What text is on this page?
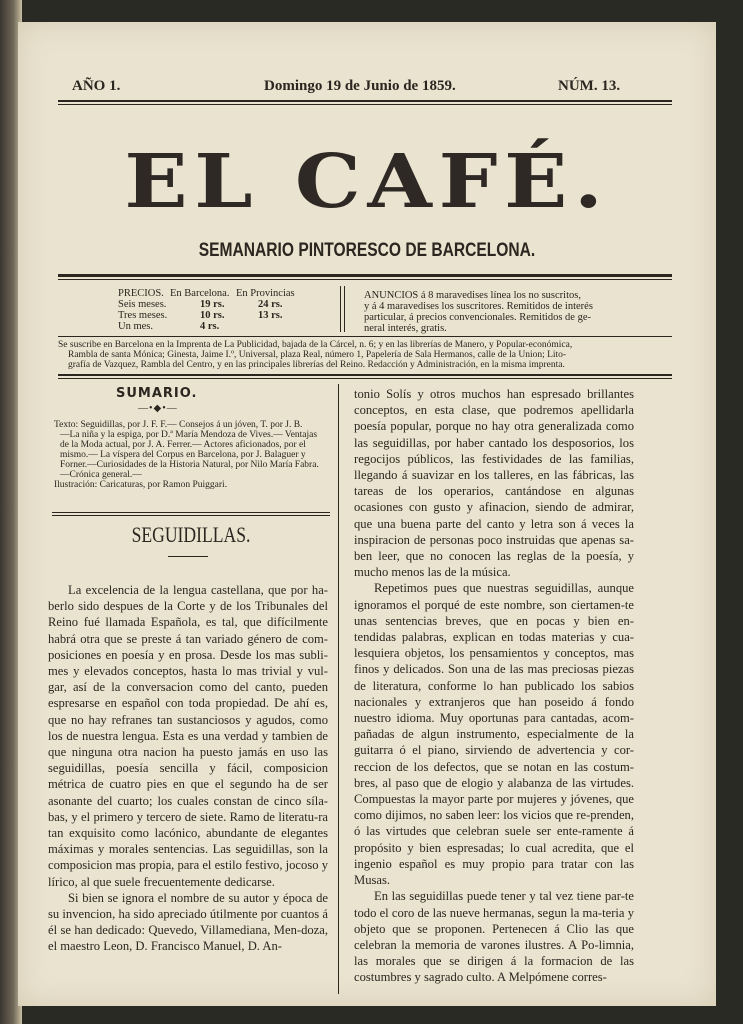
AÑO 1.	Domingo 19 de Junio de 1859.	NÚM. 13.
EL CAFÉ.
SEMANARIO PINTORESCO DE BARCELONA.
PRECIOS. En Barcelona. En Provincias
Seis meses.	19 rs.	24 rs.
Tres meses.	10 rs.	13 rs.
Un mes.	4 rs.
ANUNCIOS á 8 maravedises línea los no suscritos,
y á 4 maravedises los suscritores. Remitidos de interés
particular, á precios convencionales. Remitidos de ge-
neral interés, gratis.
Se suscribe en Barcelona en la Imprenta de La Publicidad, bajada de la Cárcel, n. 6; y en las librerías de Manero, y Popular-económica,
Rambla de santa Mónica; Ginesta, Jaime I.º, Universal, plaza Real, número 1, Papelería de Sala Hermanos, calle de la Union; Lito-
grafía de Vazquez, Rambla del Centro, y en las principales librerías del Reino. Redacción y Administración, en la misma imprenta.
SUMARIO.
—•◆•—
Texto: Seguidillas, por J. F. F.— Consejos á un jóven, T. por J. B.
—La niña y la espiga, por D.ª María Mendoza de Vives.— Ventajas
de la Moda actual, por J. A. Ferrer.— Actores aficionados, por el
mismo.— La víspera del Corpus en Barcelona, por J. Balaguer y
Forner.—Curiosidades de la Historia Natural, por Nilo María Fabra.
—Crónica general.—
Ilustración: Caricaturas, por Ramon Puiggari.
SEGUIDILLAS.

La excelencia de la lengua castellana, que por ha-berlo sido despues de la Corte y de los Tribunales del Reino fué llamada Española, es tal, que difícilmente habrá otra que se preste á tan variado género de com-posiciones en poesía y en prosa. Desde los mas subli-mes y elevados conceptos, hasta lo mas trivial y vul-gar, así de la conversacion como del canto, pueden espresarse en español con toda propiedad. De ahí es, que no hay refranes tan sustanciosos y agudos, como los de nuestra lengua. Esta es una verdad y tambien de que ninguna otra nacion ha puesto jamás en uso las seguidillas, poesía sencilla y fácil, composicion métrica de cuatro pies en que el segundo ha de ser asonante del cuarto; los cuales constan de cinco síla-bas, y el primero y tercero de siete. Ramo de literatu-ra tan exquisito como lacónico, abundante de elegantes máximas y morales sentencias. Las seguidillas, son la composicion mas propia, para el estilo festivo, jocoso y lírico, al que suele frecuentemente dedicarse.

Si bien se ignora el nombre de su autor y época de su invencion, ha sido apreciado útilmente por cuantos á él se han dedicado: Quevedo, Villamediana, Men-doza, el maestro Leon, D. Francisco Manuel, D. An-

tonio Solís y otros muchos han espresado brillantes conceptos, en esta clase, que podremos apellidarla poesía popular, porque no hay otra generalizada como las seguidillas, por haber cantado los desposorios, los regocijos públicos, las festividades de las familias, llegando á suavizar en los talleres, en las fábricas, las tareas de los operarios, cantándose en algunas ocasiones con gusto y afinacion, siendo de admirar, que una buena parte del canto y letra son á veces la inspiracion de personas poco instruidas que apenas sa-ben leer, que no conocen las reglas de la poesía, y mucho menos las de la música.

Repetimos pues que nuestras seguidillas, aunque ignoramos el porqué de este nombre, son ciertamen-te unas sentencias breves, que en pocas y bien en-tendidas palabras, explican en todas materias y cua-lesquiera objetos, los pensamientos y conceptos, mas finos y delicados. Son una de las mas preciosas piezas de literatura, conforme lo han publicado los sabios nacionales y extranjeros que han poseido á fondo nuestro idioma. Muy oportunas para cantadas, acom-pañadas de algun instrumento, especialmente de la guitarra ó el piano, sirviendo de advertencia y cor-reccion de los defectos, que se notan en las costum-bres, al paso que de elogio y alabanza de las virtudes. Compuestas la mayor parte por mujeres y jóvenes, que como dijimos, no saben leer: los vicios que re-prenden, ó las virtudes que celebran suele ser ente-ramente á propósito y bien espresadas; lo cual acredita, que el ingenio español es muy propio para tratar con las Musas.

En las seguidillas puede tener y tal vez tiene par-te todo el coro de las nueve hermanas, segun la ma-teria y objeto que se proponen. Pertenecen á Clio las que celebran la memoria de varones ilustres. A Po-limnia, las morales que se dirigen á la formacion de las costumbres y sagrado culto. A Melpómene corres-
